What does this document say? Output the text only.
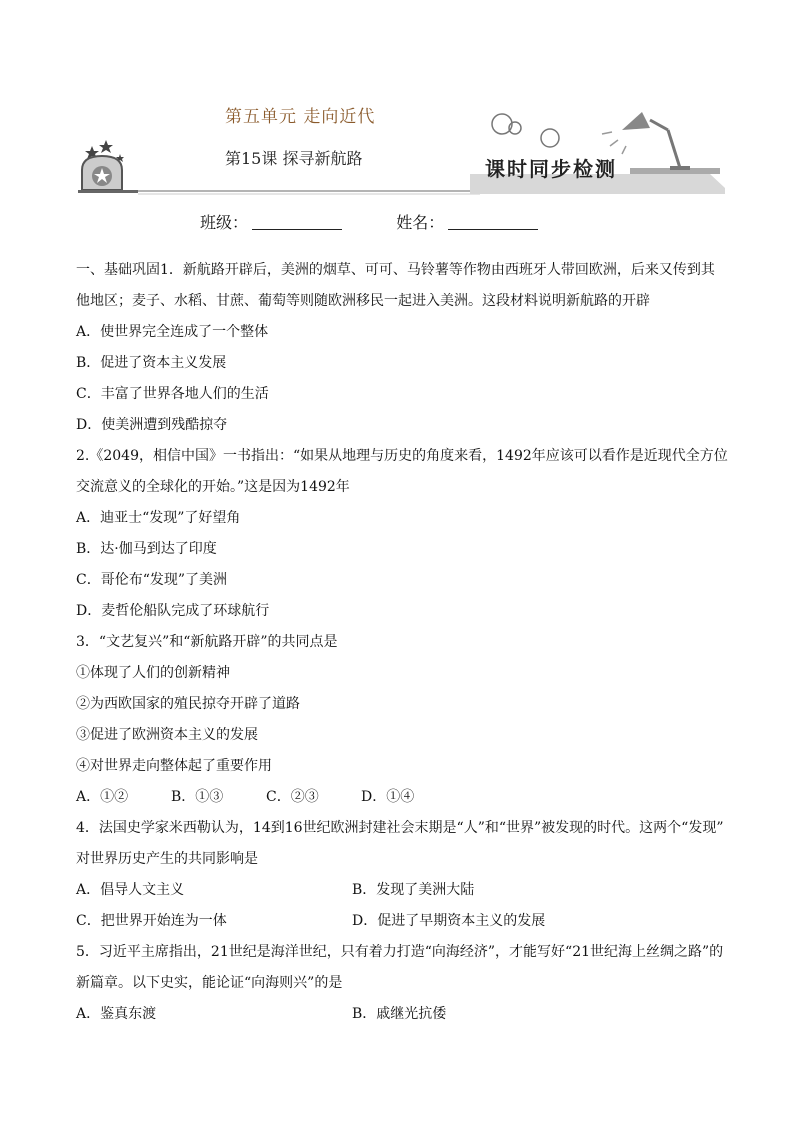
第五单元 走向近代
第15课 探寻新航路	课时同步检测
班级：	姓名：

一、基础巩固1．新航路开辟后，美洲的烟草、可可、马铃薯等作物由西班牙人带回欧洲，后来又传到其

他地区；麦子、水稻、甘蔗、葡萄等则随欧洲移民一起进入美洲。这段材料说明新航路的开辟

A．使世界完全连成了一个整体

B．促进了资本主义发展

C．丰富了世界各地人们的生活

D．使美洲遭到残酷掠夺

2.《2049，相信中国》一书指出：“如果从地理与历史的角度来看，1492年应该可以看作是近现代全方位

交流意义的全球化的开始。”这是因为1492年

A．迪亚士“发现”了好望角

B．达·伽马到达了印度

C．哥伦布“发现”了美洲

D．麦哲伦船队完成了环球航行

3．“文艺复兴”和“新航路开辟”的共同点是

①体现了人们的创新精神

②为西欧国家的殖民掠夺开辟了道路

③促进了欧洲资本主义的发展

④对世界走向整体起了重要作用

A．①②	B．①③	C．②③	D．①④

4．法国史学家米西勒认为，14到16世纪欧洲封建社会末期是“人”和“世界”被发现的时代。这两个“发现”

对世界历史产生的共同影响是

A．倡导人文主义	B．发现了美洲大陆

C．把世界开始连为一体	D．促进了早期资本主义的发展

5．习近平主席指出，21世纪是海洋世纪，只有着力打造“向海经济”，才能写好“21世纪海上丝绸之路”的

新篇章。以下史实，能论证“向海则兴”的是

A．鉴真东渡	B．戚继光抗倭
